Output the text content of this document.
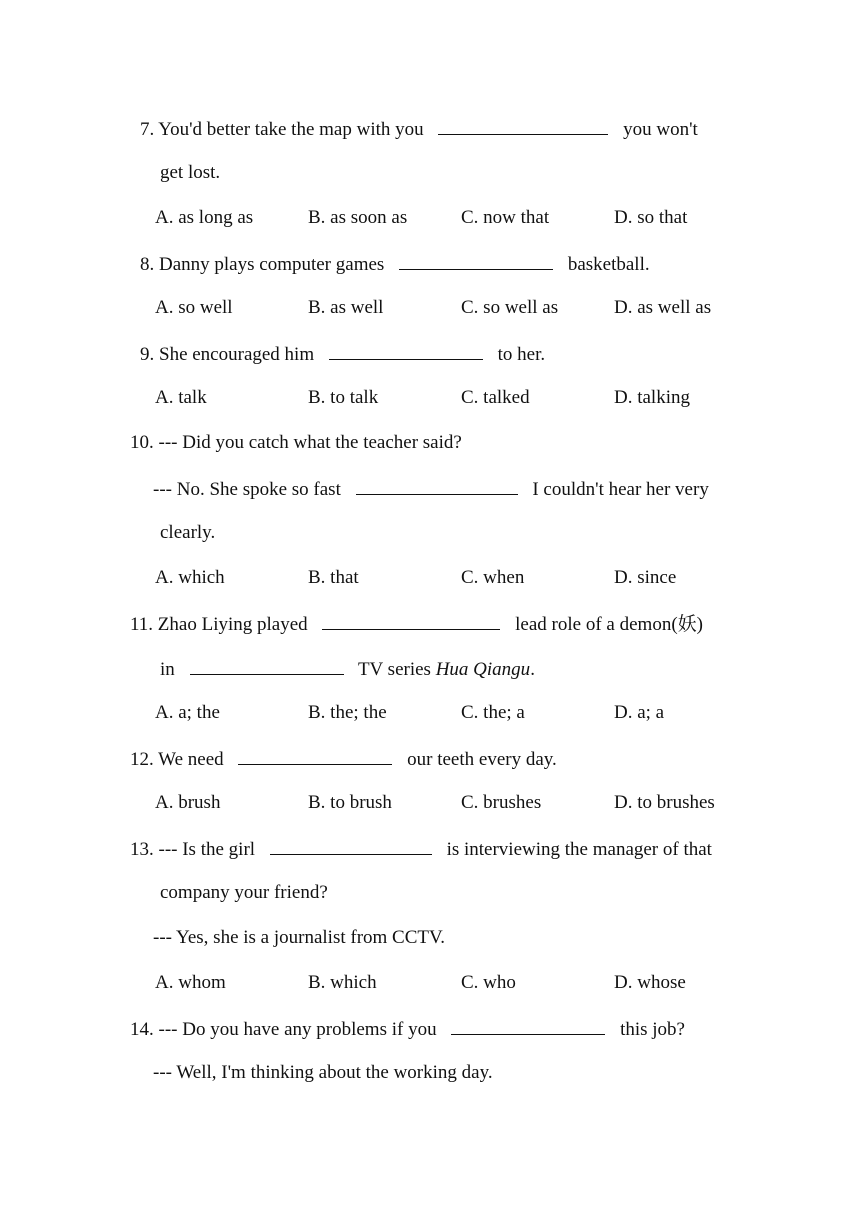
7. You'd better take the map with you	you won't
get lost.
A. as long as	B. as soon as	C. now that	D. so that
8. Danny plays computer games	basketball.
A. so well	B. as well	C. so well as	D. as well as
9. She encouraged him	to her.
A. talk	B. to talk	C. talked	D. talking
10. --- Did you catch what the teacher said?
--- No. She spoke so fast	I couldn't hear her very
clearly.
A. which	B. that	C. when	D. since
11. Zhao Liying played	lead role of a demon(妖)
in	TV series Hua Qiangu.
A. a; the	B. the; the	C. the; a	D. a; a
12. We need	our teeth every day.
A. brush	B. to brush	C. brushes	D. to brushes
13. --- Is the girl	is interviewing the manager of that
company your friend?
--- Yes, she is a journalist from CCTV.
A. whom	B. which	C. who	D. whose
14. --- Do you have any problems if you	this job?
--- Well, I'm thinking about the working day.
